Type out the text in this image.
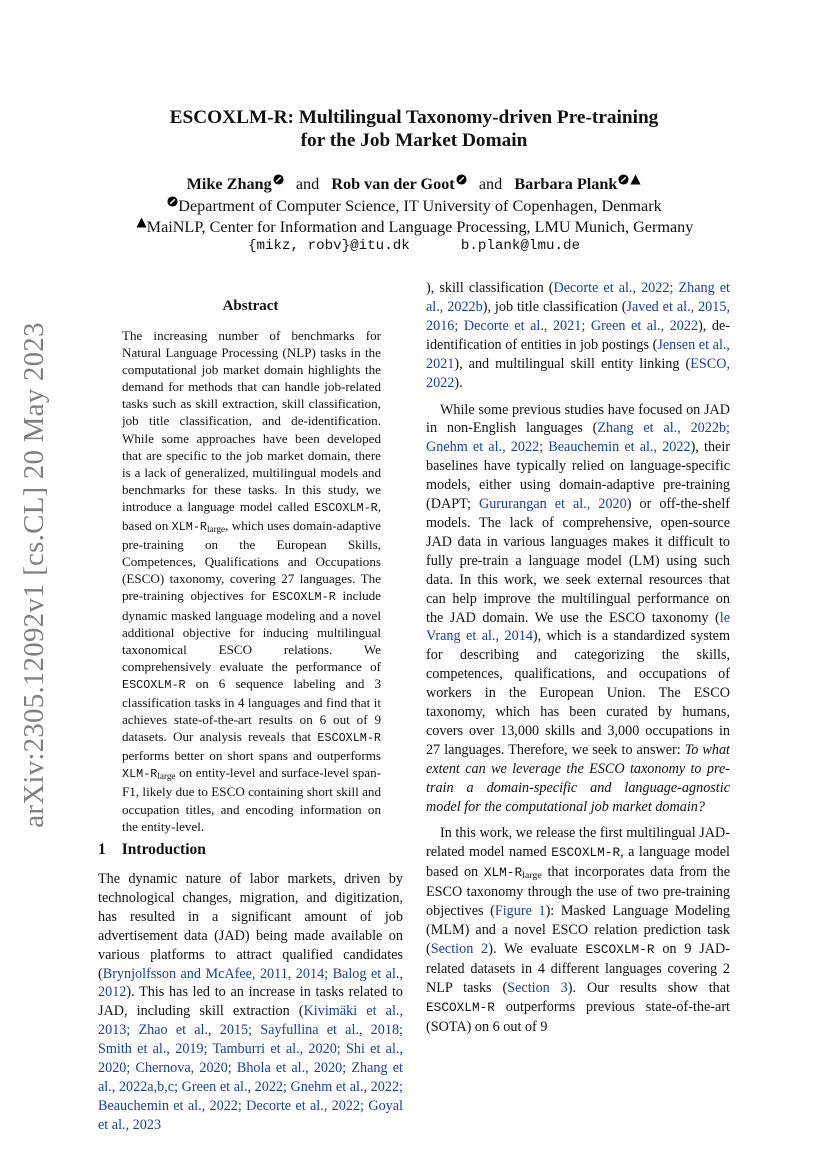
arXiv:2305.12092v1 [cs.CL] 20 May 2023
ESCOXLM-R: Multilingual Taxonomy-driven Pre-training
for the Job Market Domain
Mike Zhang and Rob van der Goot and Barbara Plank
Department of Computer Science, IT University of Copenhagen, Denmark
MaiNLP, Center for Information and Language Processing, LMU Munich, Germany
{mikz, robv}@itu.dk      b.plank@lmu.de
Abstract
The increasing number of benchmarks for Natural Language Processing (NLP) tasks in the computational job market domain highlights the demand for methods that can handle job-related tasks such as skill extraction, skill classification, job title classification, and de-identification. While some approaches have been developed that are specific to the job market domain, there is a lack of generalized, multilingual models and benchmarks for these tasks. In this study, we introduce a language model called ESCOXLM-R, based on XLM-$R_{large}$, which uses domain-adaptive pre-training on the European Skills, Competences, Qualifications and Occupations (ESCO) taxonomy, covering 27 languages. The pre-training objectives for ESCOXLM-R include dynamic masked language modeling and a novel additional objective for inducing multilingual taxonomical ESCO relations. We comprehensively evaluate the performance of ESCOXLM-R on 6 sequence labeling and 3 classification tasks in 4 languages and find that it achieves state-of-the-art results on 6 out of 9 datasets. Our analysis reveals that ESCOXLM-R performs better on short spans and outperforms XLM-$R_{large}$ on entity-level and surface-level span-F1, likely due to ESCO containing short skill and occupation titles, and encoding information on the entity-level.
1 Introduction
The dynamic nature of labor markets, driven by technological changes, migration, and digitization, has resulted in a significant amount of job advertisement data (JAD) being made available on various platforms to attract qualified candidates (Brynjolfsson and McAfee, 2011, 2014; Balog et al., 2012). This has led to an increase in tasks related to JAD, including skill extraction (Kivimäki et al., 2013; Zhao et al., 2015; Sayfullina et al., 2018; Smith et al., 2019; Tamburri et al., 2020; Shi et al., 2020; Chernova, 2020; Bhola et al., 2020; Zhang et al., 2022a,b,c; Green et al., 2022; Gnehm et al., 2022; Beauchemin et al., 2022; Decorte et al., 2022; Goyal et al., 2023

), skill classification (Decorte et al., 2022; Zhang et al., 2022b), job title classification (Javed et al., 2015, 2016; Decorte et al., 2021; Green et al., 2022), de-identification of entities in job postings (Jensen et al., 2021), and multilingual skill entity linking (ESCO, 2022).

While some previous studies have focused on JAD in non-English languages (Zhang et al., 2022b; Gnehm et al., 2022; Beauchemin et al., 2022), their baselines have typically relied on language-specific models, either using domain-adaptive pre-training (DAPT; Gururangan et al., 2020) or off-the-shelf models. The lack of comprehensive, open-source JAD data in various languages makes it difficult to fully pre-train a language model (LM) using such data. In this work, we seek external resources that can help improve the multilingual performance on the JAD domain. We use the ESCO taxonomy (le Vrang et al., 2014), which is a standardized system for describing and categorizing the skills, competences, qualifications, and occupations of workers in the European Union. The ESCO taxonomy, which has been curated by humans, covers over 13,000 skills and 3,000 occupations in 27 languages. Therefore, we seek to answer: To what extent can we leverage the ESCO taxonomy to pre-train a domain-specific and language-agnostic model for the computational job market domain?

In this work, we release the first multilingual JAD-related model named ESCOXLM-R, a language model based on XLM-$R_{large}$ that incorporates data from the ESCO taxonomy through the use of two pre-training objectives (Figure 1): Masked Language Modeling (MLM) and a novel ESCO relation prediction task (Section 2). We evaluate ESCOXLM-R on 9 JAD-related datasets in 4 different languages covering 2 NLP tasks (Section 3). Our results show that ESCOXLM-R outperforms previous state-of-the-art (SOTA) on 6 out of 9
